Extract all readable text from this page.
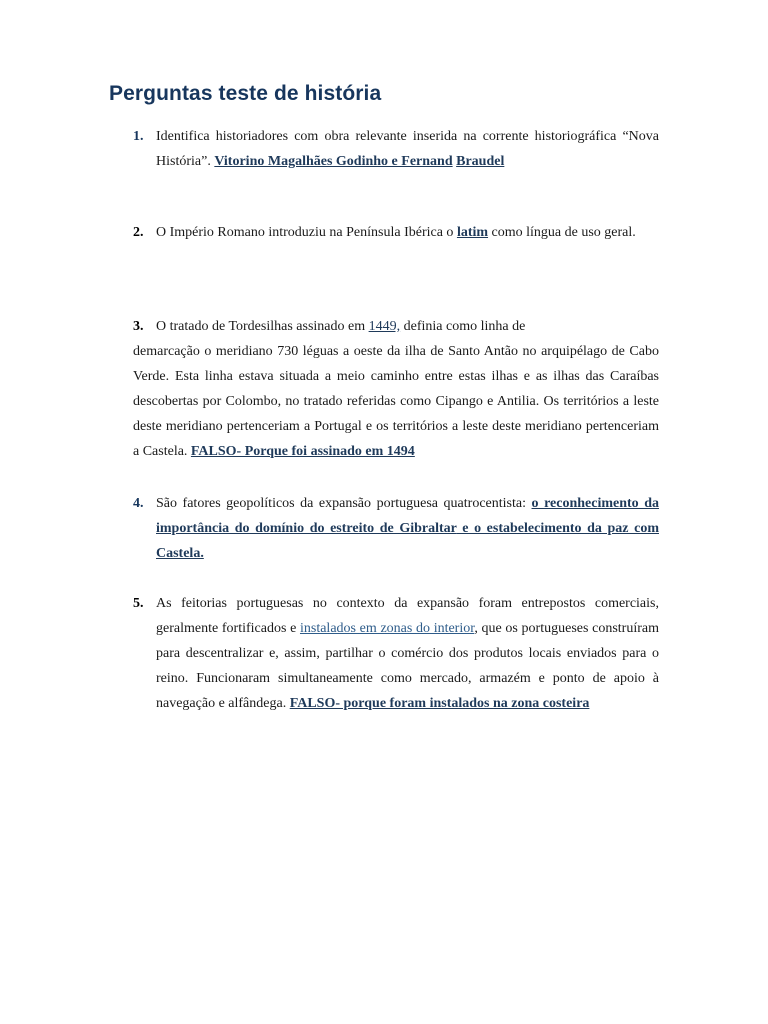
Perguntas teste de história
1. Identifica historiadores com obra relevante inserida na corrente historiográfica “Nova História”. Vitorino Magalhães Godinho e Fernand Braudel
2. O Império Romano introduziu na Península Ibérica o latim como língua de uso geral.
3. O tratado de Tordesilhas assinado em 1449, definia como linha de
demarcação o meridiano 730 léguas a oeste da ilha de Santo Antão no arquipélago de Cabo Verde. Esta linha estava situada a meio caminho entre estas ilhas e as ilhas das Caraíbas descobertas por Colombo, no tratado referidas como Cipango e Antilia. Os territórios a leste deste meridiano pertenceriam a Portugal e os territórios a leste deste meridiano pertenceriam a Castela. FALSO- Porque foi assinado em 1494
4. São fatores geopolíticos da expansão portuguesa quatrocentista: o reconhecimento da importância do domínio do estreito de Gibraltar e o estabelecimento da paz com Castela.
5. As feitorias portuguesas no contexto da expansão foram entrepostos comerciais, geralmente fortificados e instalados em zonas do interior, que os portugueses construíram para descentralizar e, assim, partilhar o comércio dos produtos locais enviados para o reino. Funcionaram simultaneamente como mercado, armazém e ponto de apoio à navegação e alfândega. FALSO- porque foram instalados na zona costeira
